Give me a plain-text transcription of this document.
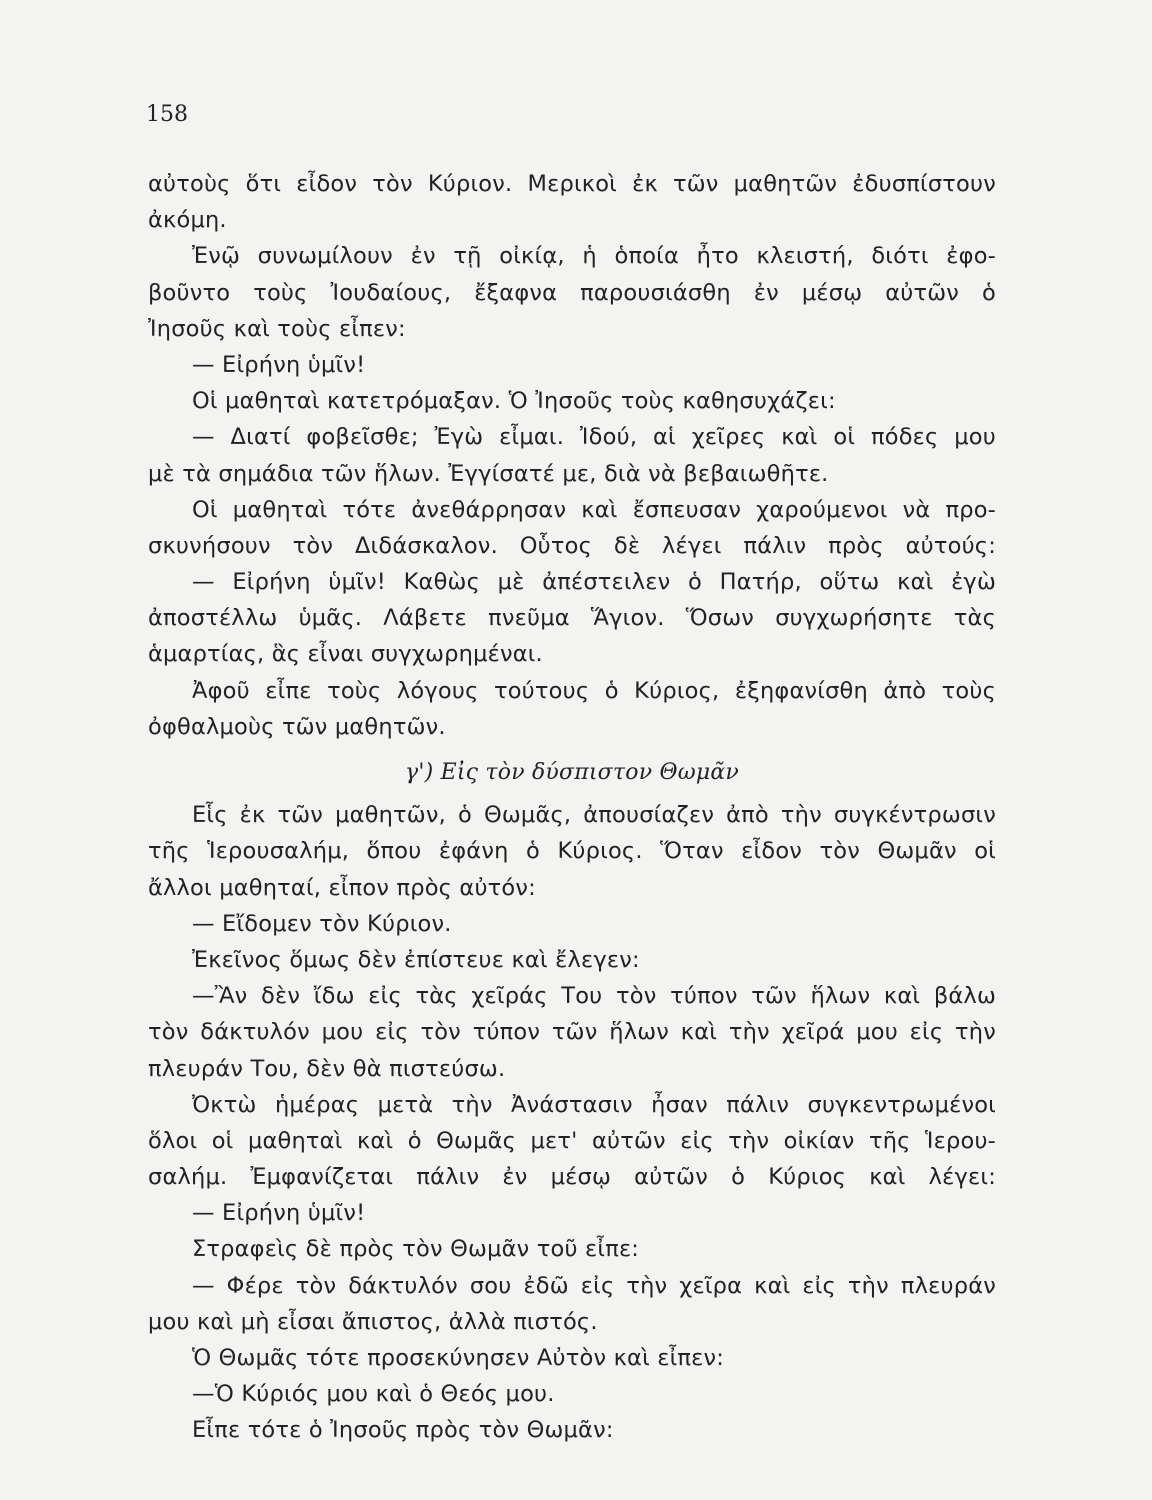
158
αὐτοὺς ὅτι εἶδον τὸν Κύριον. Μερικοὶ ἐκ τῶν μαθητῶν ἐδυσπίστουν
ἀκόμη.
Ἐνῷ συνωμίλουν ἐν τῇ οἰκίᾳ, ἡ ὁποία ἦτο κλειστή, διότι ἐφο-
βοῦντο τοὺς Ἰουδαίους, ἔξαφνα παρουσιάσθη ἐν μέσῳ αὐτῶν ὁ
Ἰησοῦς καὶ τοὺς εἶπεν:
— Εἰρήνη ὑμῖν!
Οἱ μαθηταὶ κατετρόμαξαν. Ὁ Ἰησοῦς τοὺς καθησυχάζει:
— Διατί φοβεῖσθε; Ἐγὼ εἶμαι. Ἰδού, αἱ χεῖρες καὶ οἱ πόδες μου
μὲ τὰ σημάδια τῶν ἥλων. Ἐγγίσατέ με, διὰ νὰ βεβαιωθῆτε.
Οἱ μαθηταὶ τότε ἀνεθάρρησαν καὶ ἔσπευσαν χαρούμενοι νὰ προ-
σκυνήσουν τὸν Διδάσκαλον. Οὗτος δὲ λέγει πάλιν πρὸς αὐτούς:
— Εἰρήνη ὑμῖν! Καθὼς μὲ ἀπέστειλεν ὁ Πατήρ, οὕτω καὶ ἐγὼ
ἀποστέλλω ὑμᾶς. Λάβετε πνεῦμα Ἅγιον. Ὅσων συγχωρήσητε τὰς
ἁμαρτίας, ἃς εἶναι συγχωρημέναι.
Ἀφοῦ εἶπε τοὺς λόγους τούτους ὁ Κύριος, ἐξηφανίσθη ἀπὸ τοὺς
ὀφθαλμοὺς τῶν μαθητῶν.
γ') Εἰς τὸν δύσπιστον Θωμᾶν
Εἷς ἐκ τῶν μαθητῶν, ὁ Θωμᾶς, ἀπουσίαζεν ἀπὸ τὴν συγκέντρωσιν
τῆς Ἱερουσαλήμ, ὅπου ἐφάνη ὁ Κύριος. Ὅταν εἶδον τὸν Θωμᾶν οἱ
ἄλλοι μαθηταί, εἶπον πρὸς αὐτόν:
— Εἴδομεν τὸν Κύριον.
Ἐκεῖνος ὅμως δὲν ἐπίστευε καὶ ἔλεγεν:
—Ἂν δὲν ἴδω εἰς τὰς χεῖράς Του τὸν τύπον τῶν ἥλων καὶ βάλω
τὸν δάκτυλόν μου εἰς τὸν τύπον τῶν ἥλων καὶ τὴν χεῖρά μου εἰς τὴν
πλευράν Του, δὲν θὰ πιστεύσω.
Ὀκτὼ ἡμέρας μετὰ τὴν Ἀνάστασιν ἦσαν πάλιν συγκεντρωμένοι
ὅλοι οἱ μαθηταὶ καὶ ὁ Θωμᾶς μετ' αὐτῶν εἰς τὴν οἰκίαν τῆς Ἱερου-
σαλήμ. Ἐμφανίζεται πάλιν ἐν μέσῳ αὐτῶν ὁ Κύριος καὶ λέγει:
— Εἰρήνη ὑμῖν!
Στραφεὶς δὲ πρὸς τὸν Θωμᾶν τοῦ εἶπε:
— Φέρε τὸν δάκτυλόν σου ἐδῶ εἰς τὴν χεῖρα καὶ εἰς τὴν πλευράν
μου καὶ μὴ εἶσαι ἄπιστος, ἀλλὰ πιστός.
Ὁ Θωμᾶς τότε προσεκύνησεν Αὐτὸν καὶ εἶπεν:
—Ὁ Κύριός μου καὶ ὁ Θεός μου.
Εἶπε τότε ὁ Ἰησοῦς πρὸς τὸν Θωμᾶν:
